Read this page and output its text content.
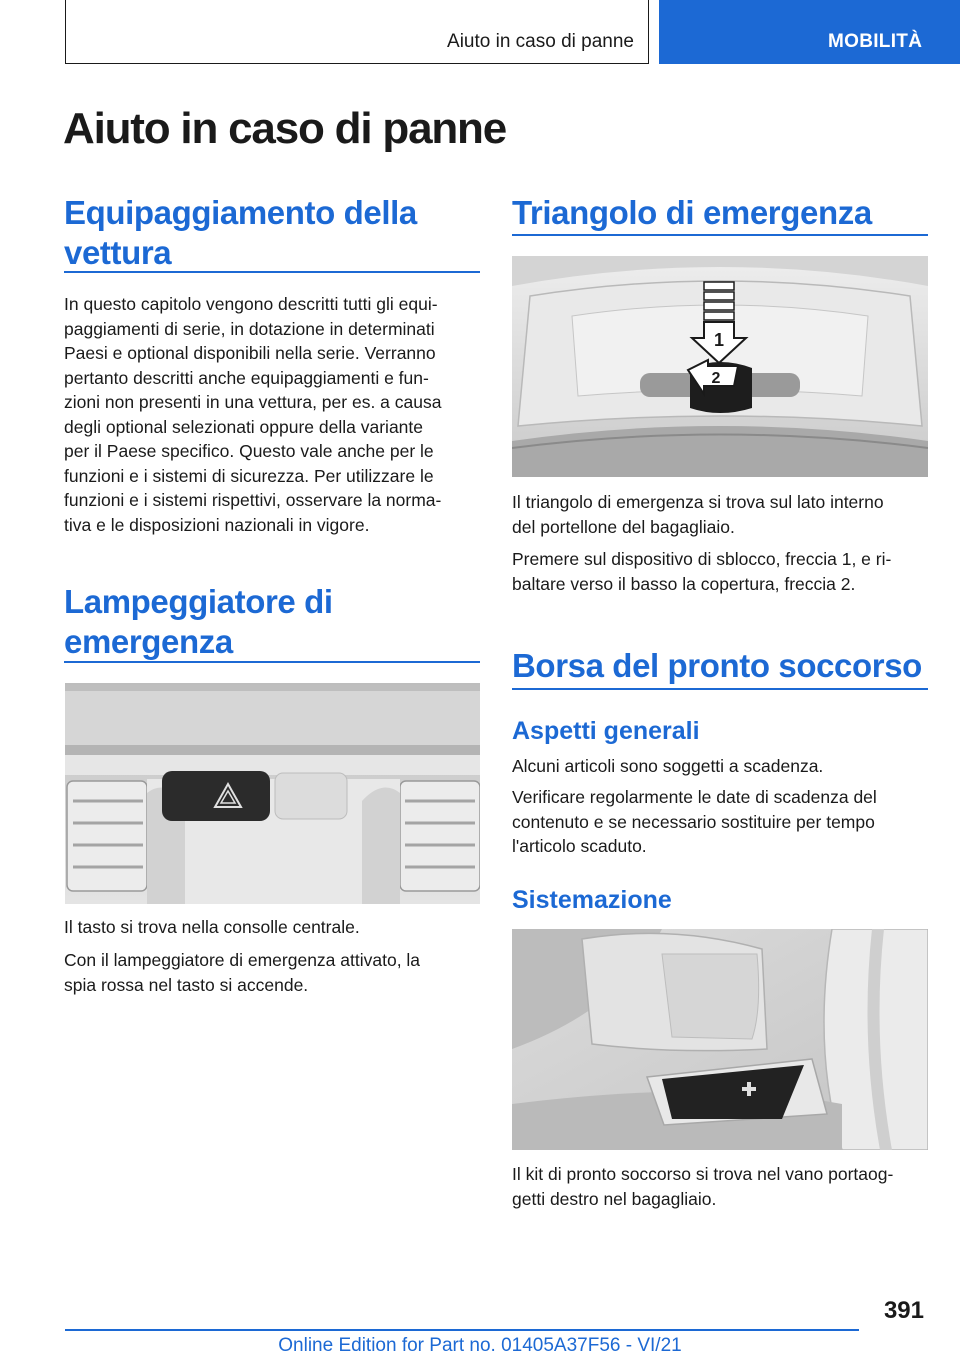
Aiuto in caso di panne	MOBILITÀ
Aiuto in caso di panne
Equipaggiamento della vettura
In questo capitolo vengono descritti tutti gli equi-
paggiamenti di serie, in dotazione in determinati
Paesi e optional disponibili nella serie. Verranno
pertanto descritti anche equipaggiamenti e fun-
zioni non presenti in una vettura, per es. a causa
degli optional selezionati oppure della variante
per il Paese specifico. Questo vale anche per le
funzioni e i sistemi di sicurezza. Per utilizzare le
funzioni e i sistemi rispettivi, osservare la norma-
tiva e le disposizioni nazionali in vigore.
Lampeggiatore di emergenza
Il tasto si trova nella consolle centrale.
Con il lampeggiatore di emergenza attivato, la
spia rossa nel tasto si accende.
Triangolo di emergenza
1
2
Il triangolo di emergenza si trova sul lato interno
del portellone del bagagliaio.
Premere sul dispositivo di sblocco, freccia 1, e ri-
baltare verso il basso la copertura, freccia 2.
Borsa del pronto soccorso
Aspetti generali
Alcuni articoli sono soggetti a scadenza.
Verificare regolarmente le date di scadenza del
contenuto e se necessario sostituire per tempo
l'articolo scaduto.
Sistemazione
Il kit di pronto soccorso si trova nel vano portaog-
getti destro nel bagagliaio.
391
Online Edition for Part no. 01405A37F56 - VI/21
